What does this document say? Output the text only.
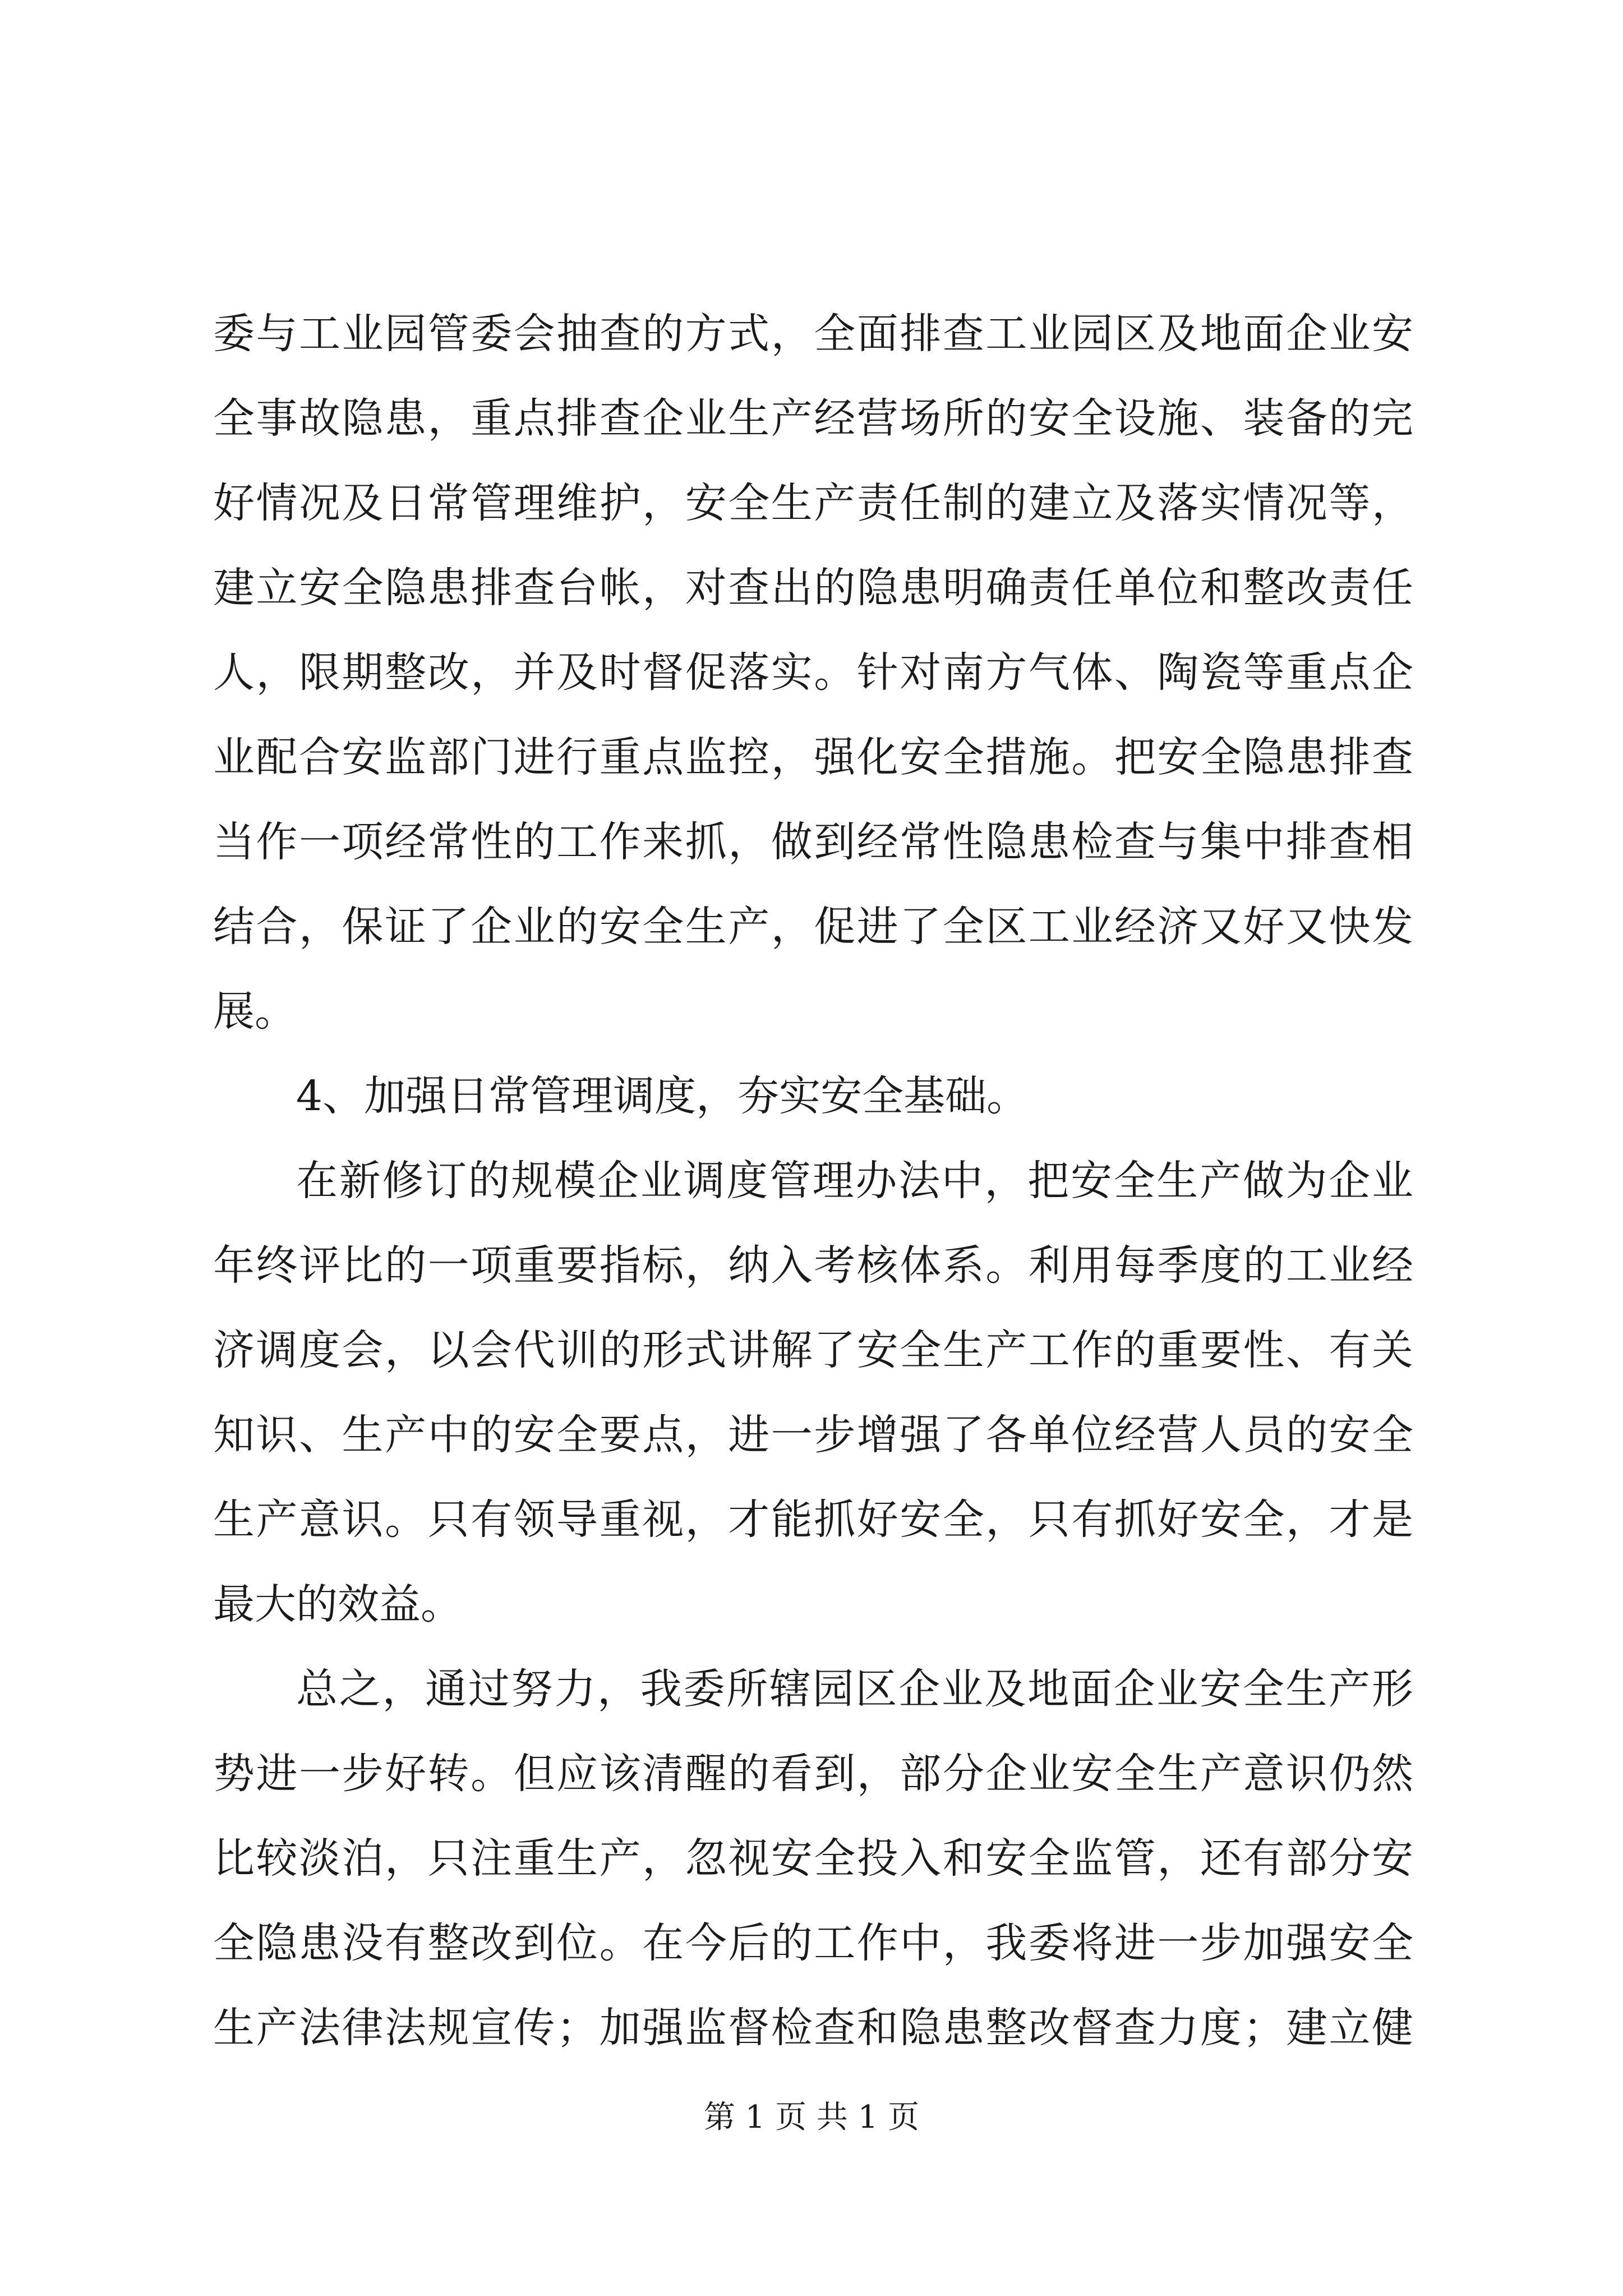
委与工业园管委会抽查的方式，全面排查工业园区及地面企业安
全事故隐患，重点排查企业生产经营场所的安全设施、装备的完
好情况及日常管理维护，安全生产责任制的建立及落实情况等，
建立安全隐患排查台帐，对查出的隐患明确责任单位和整改责任
人，限期整改，并及时督促落实。针对南方气体、陶瓷等重点企
业配合安监部门进行重点监控，强化安全措施。把安全隐患排查
当作一项经常性的工作来抓，做到经常性隐患检查与集中排查相
结合，保证了企业的安全生产，促进了全区工业经济又好又快发
展。
4、加强日常管理调度，夯实安全基础。
在新修订的规模企业调度管理办法中，把安全生产做为企业
年终评比的一项重要指标，纳入考核体系。利用每季度的工业经
济调度会，以会代训的形式讲解了安全生产工作的重要性、有关
知识、生产中的安全要点，进一步增强了各单位经营人员的安全
生产意识。只有领导重视，才能抓好安全，只有抓好安全，才是
最大的效益。
总之，通过努力，我委所辖园区企业及地面企业安全生产形
势进一步好转。但应该清醒的看到，部分企业安全生产意识仍然
比较淡泊，只注重生产，忽视安全投入和安全监管，还有部分安
全隐患没有整改到位。在今后的工作中，我委将进一步加强安全
生产法律法规宣传；加强监督检查和隐患整改督查力度；建立健
第 1 页 共 1 页
